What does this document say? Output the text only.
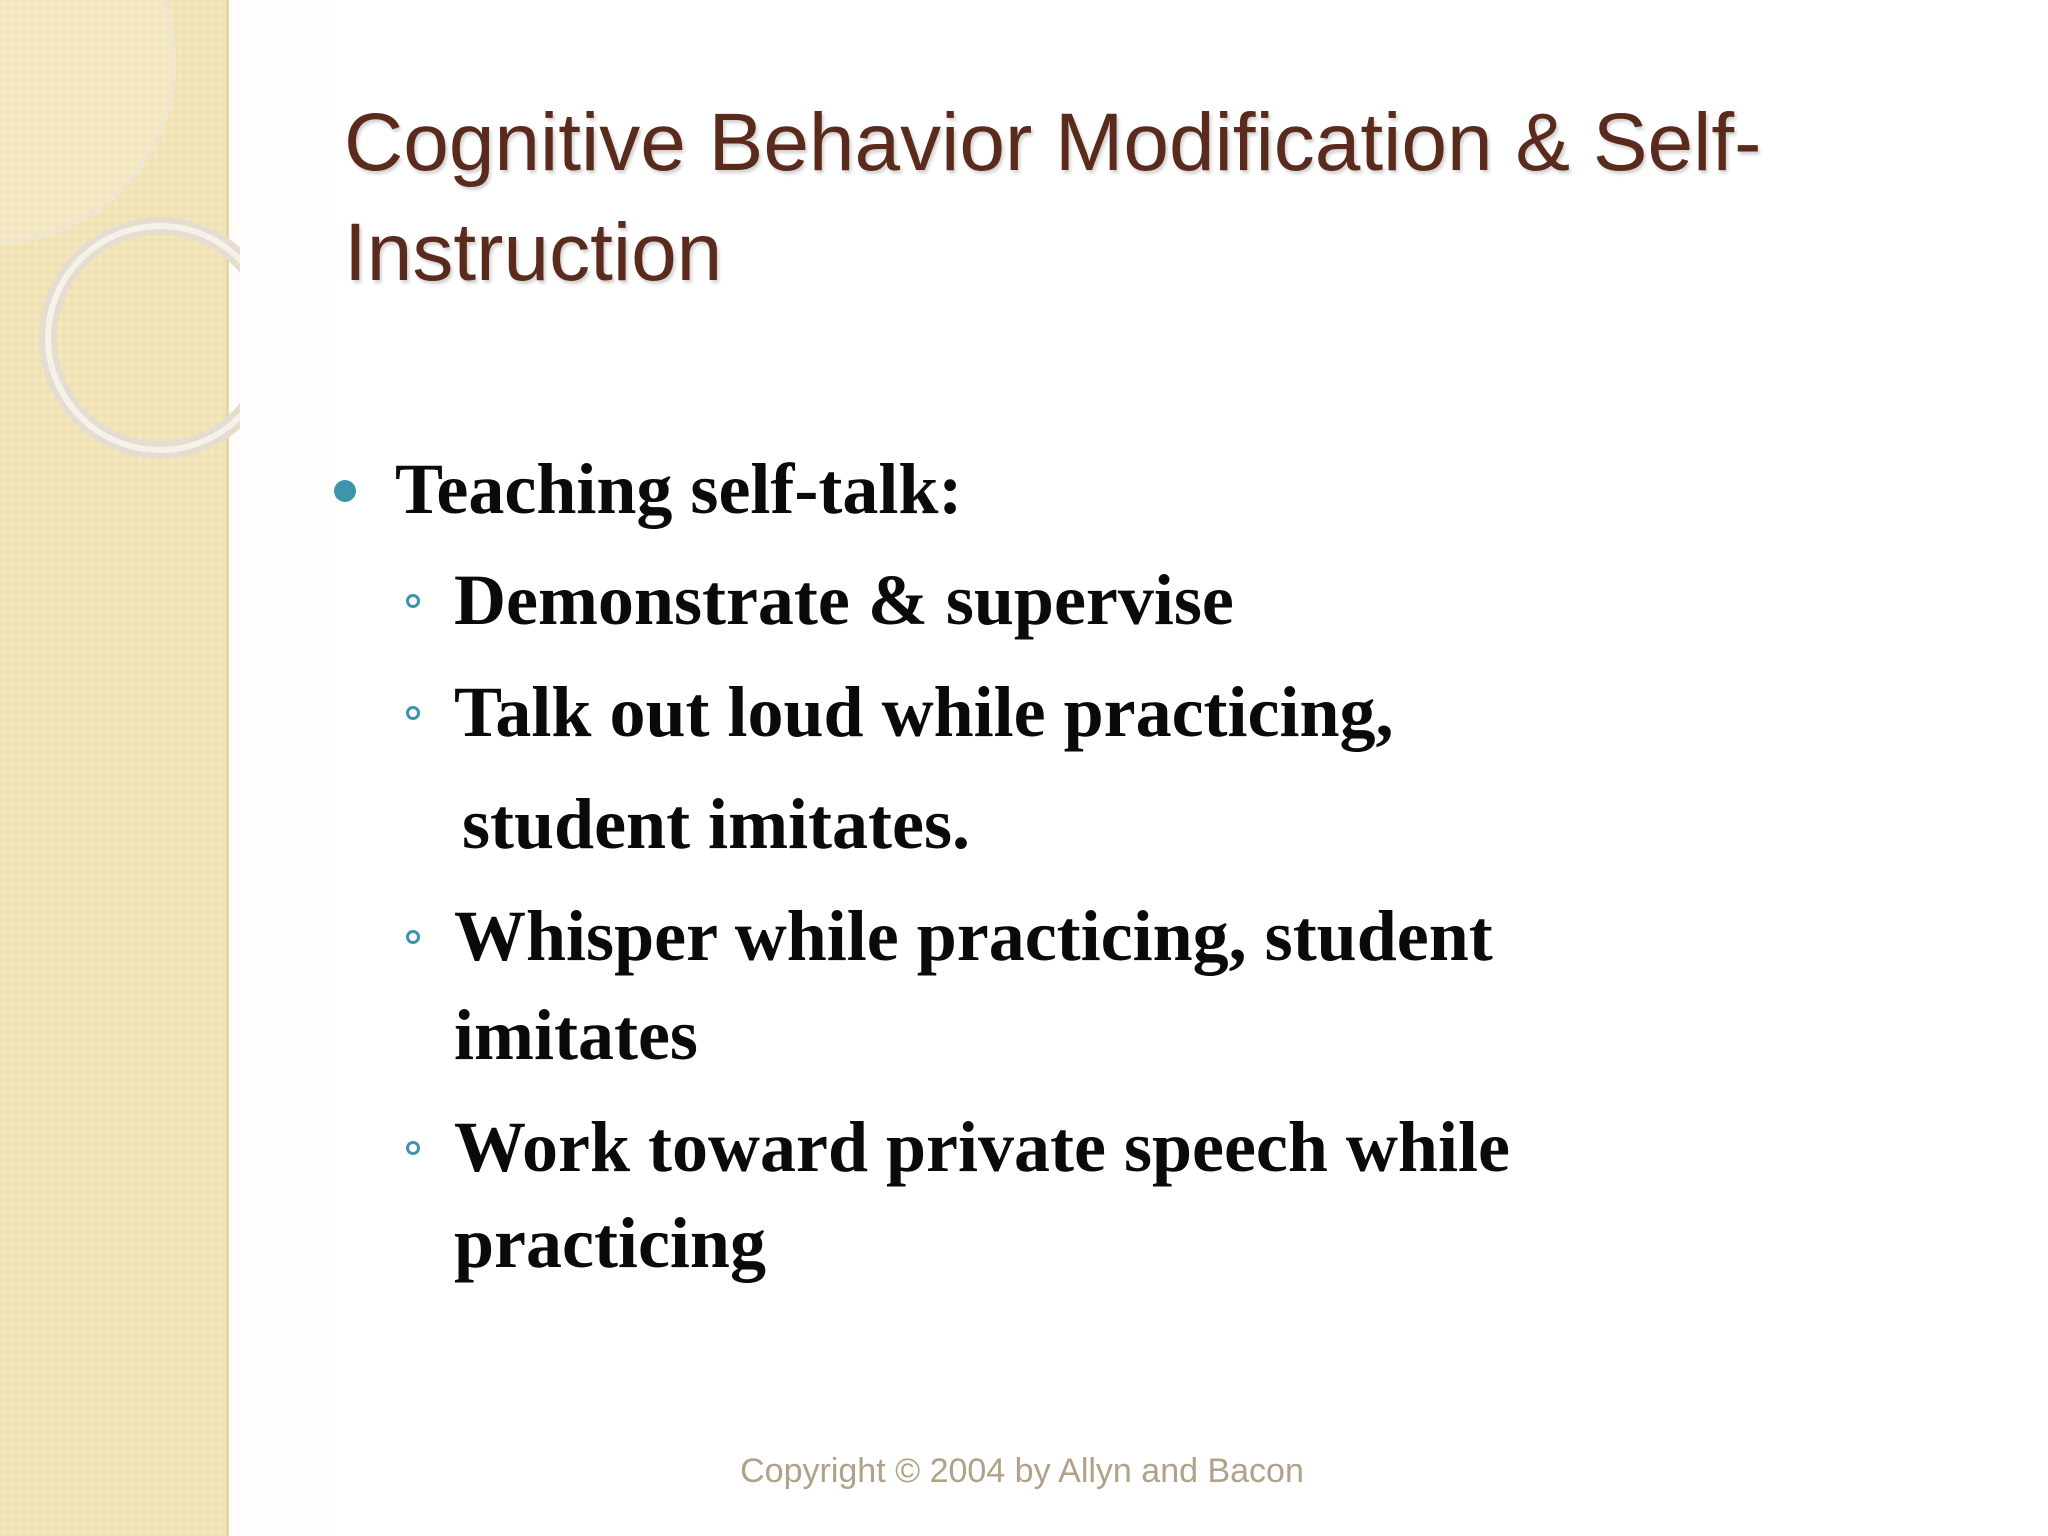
Cognitive Behavior Modification & Self-Instruction

Teaching self-talk:

Demonstrate & supervise

Talk out loud while practicing,

student imitates.

Whisper while practicing, student

imitates

Work toward private speech while

practicing

Copyright © 2004 by Allyn and Bacon
